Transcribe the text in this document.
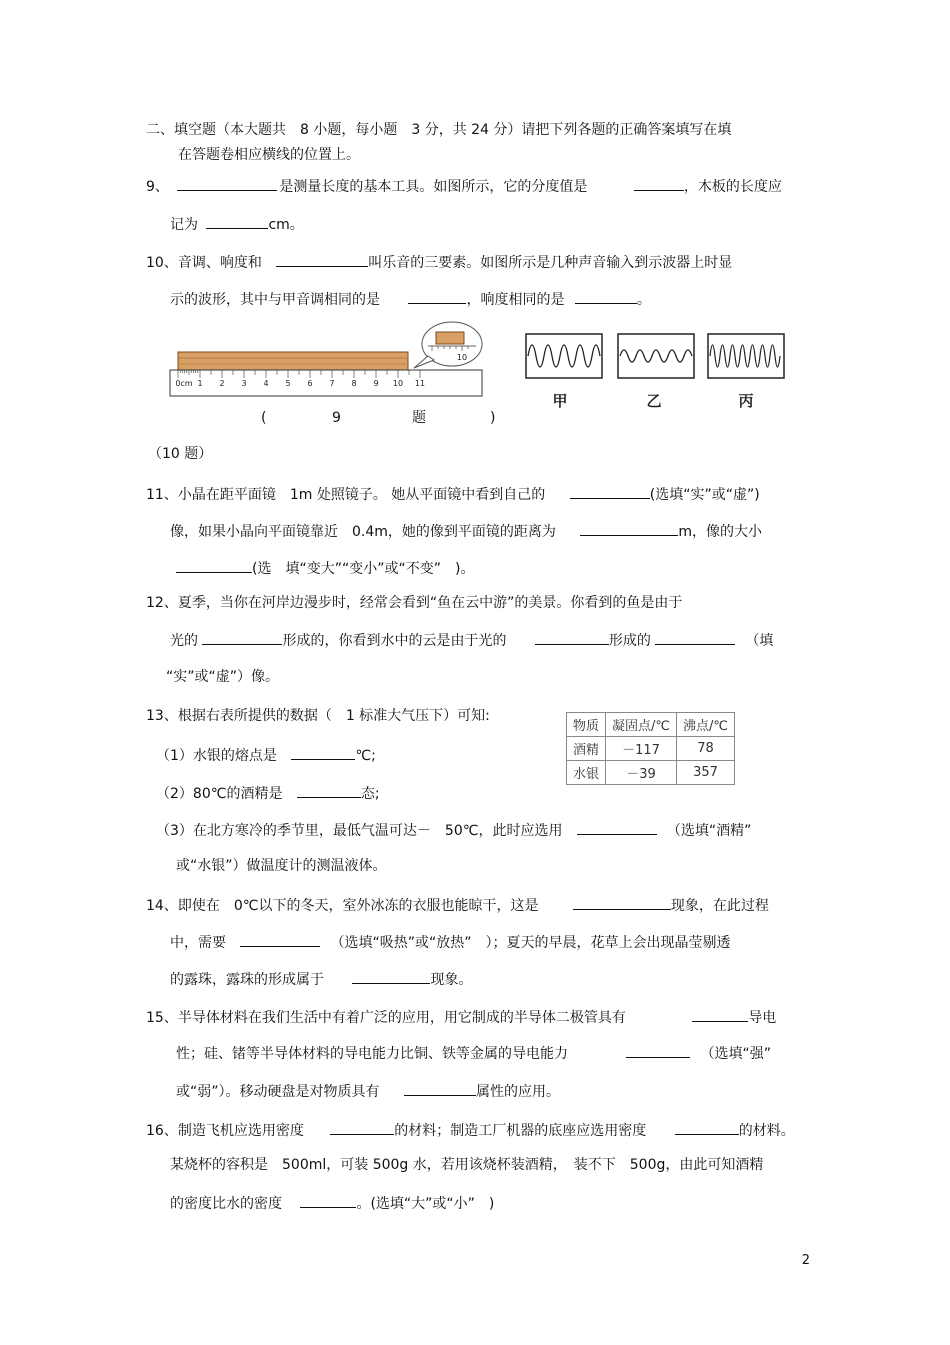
二、填空题（本大题共　8 小题，每小题　3 分，共 24 分）请把下列各题的正确答案填写在填
在答题卷相应横线的位置上。
9、	是测量长度的基本工具。如图所示，它的分度值是	，木板的长度应
记为	cm。
10、音调、响度和	叫乐音的三要素。如图所示是几种声音输入到示波器上时显
示的波形，其中与甲音调相同的是	，响度相同的是	。
0cm 1 2 3 4 5 6 7 8 9 10 11
10
甲	乙	丙
(	9	题	)
（10 题）
11、小晶在距平面镜　1m 处照镜子。 她从平面镜中看到自己的	(选填“实”或“虚”)
像，如果小晶向平面镜靠近　0.4m，她的像到平面镜的距离为	m，像的大小
(选　填“变大”“变小”或“不变”　)。
12、夏季，当你在河岸边漫步时，经常会看到“鱼在云中游”的美景。你看到的鱼是由于
光的	形成的，你看到水中的云是由于光的	形成的	（填
“实”或“虚”）像。
13、根据右表所提供的数据（　1 标准大气压下）可知:
（1）水银的熔点是	℃;
（2）80℃的酒精是	态;
（3）在北方寒冷的季节里，最低气温可达－　50℃，此时应选用	（选填“酒精”
或“水银”）做温度计的测温液体。
物质	凝固点/℃	沸点/℃
酒精	－117	78
水银	－39	357
14、即使在　0℃以下的冬天，室外冰冻的衣服也能晾干，这是	现象，在此过程
中，需要	（选填“吸热”或“放热”　）；夏天的早晨，花草上会出现晶莹剔透
的露珠，露珠的形成属于	现象。
15、半导体材料在我们生活中有着广泛的应用，用它制成的半导体二极管具有	导电
性；硅、锗等半导体材料的导电能力比铜、铁等金属的导电能力	（选填“强”
或“弱”）。移动硬盘是对物质具有	属性的应用。
16、制造飞机应选用密度	的材料；制造工厂机器的底座应选用密度	的材料。
某烧杯的容积是　500ml，可装 500g 水，若用该烧杯装酒精，　装不下　500g，由此可知酒精
的密度比水的密度	。(选填“大”或“小”　)
2
